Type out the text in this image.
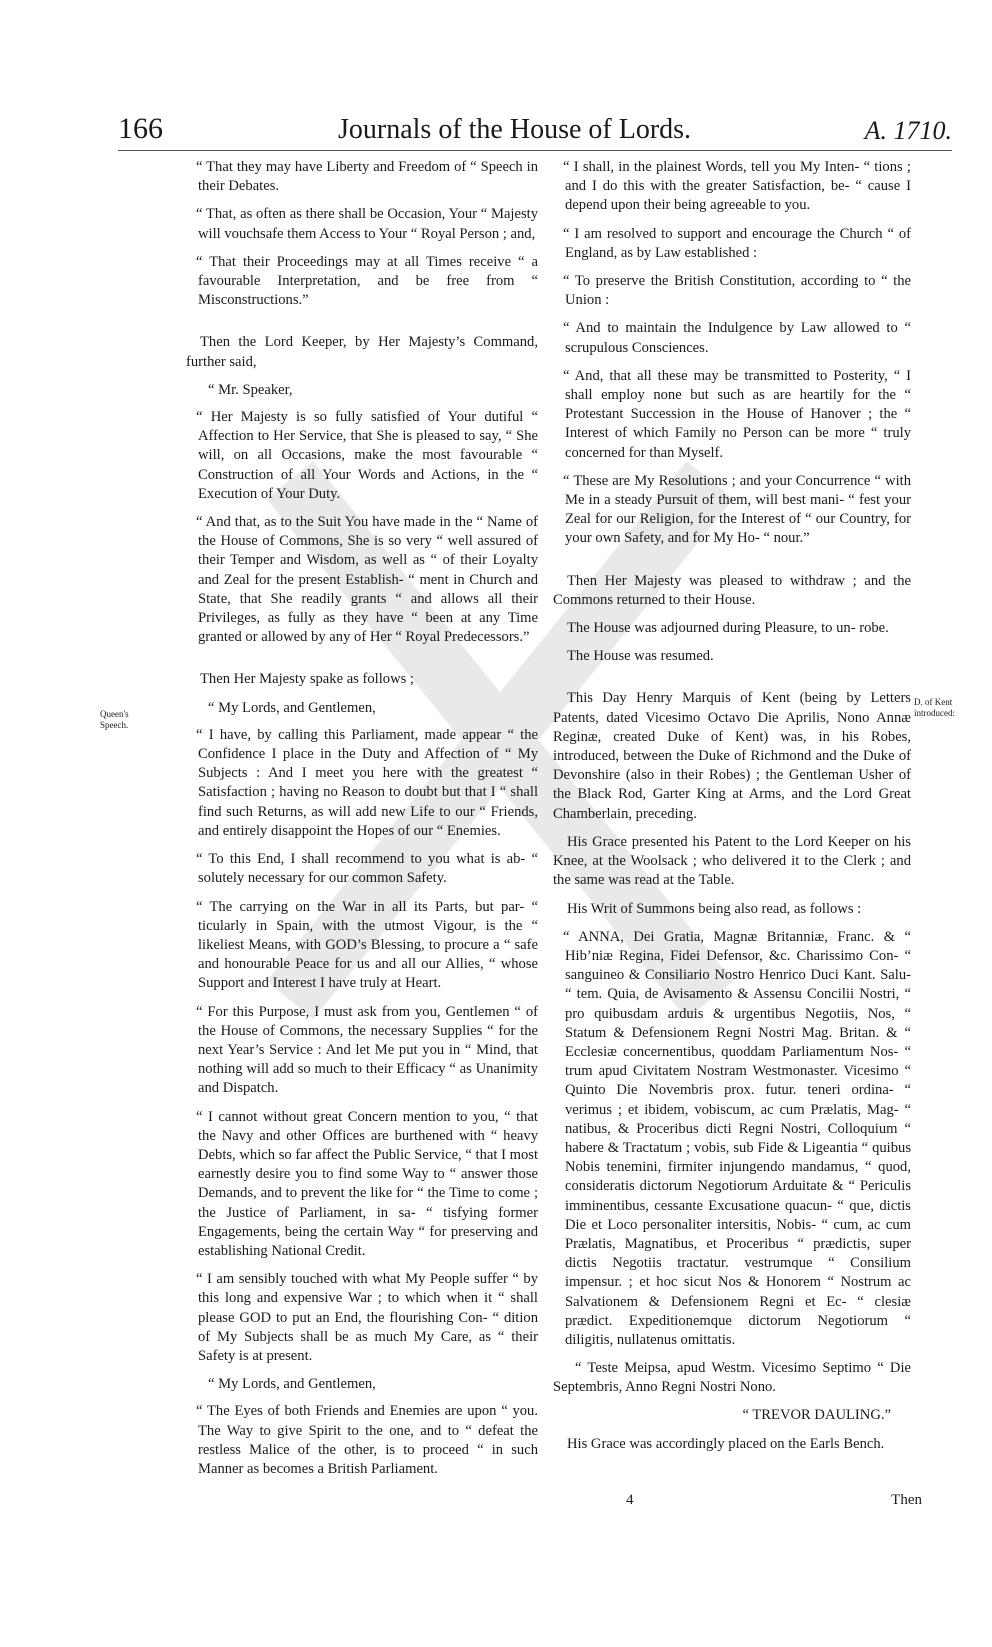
166	Journals of the House of Lords.	A. 1710.
Queen's Speech.
D. of Kent introduced:

“ That they may have Liberty and Freedom of “ Speech in their Debates.

“ That, as often as there shall be Occasion, Your “ Majesty will vouchsafe them Access to Your “ Royal Person ; and,

“ That their Proceedings may at all Times receive “ a favourable Interpretation, and be free from “ Misconstructions.”

Then the Lord Keeper, by Her Majesty’s Command, further said,

“ Mr. Speaker,

“ Her Majesty is so fully satisfied of Your dutiful “ Affection to Her Service, that She is pleased to say, “ She will, on all Occasions, make the most favourable “ Construction of all Your Words and Actions, in the “ Execution of Your Duty.

“ And that, as to the Suit You have made in the “ Name of the House of Commons, She is so very “ well assured of their Temper and Wisdom, as well as “ of their Loyalty and Zeal for the present Establish- “ ment in Church and State, that She readily grants “ and allows all their Privileges, as fully as they have “ been at any Time granted or allowed by any of Her “ Royal Predecessors.”

Then Her Majesty spake as follows ;

“ My Lords, and Gentlemen,

“ I have, by calling this Parliament, made appear “ the Confidence I place in the Duty and Affection of “ My Subjects : And I meet you here with the greatest “ Satisfaction ; having no Reason to doubt but that I “ shall find such Returns, as will add new Life to our “ Friends, and entirely disappoint the Hopes of our “ Enemies.

“ To this End, I shall recommend to you what is ab- “ solutely necessary for our common Safety.

“ The carrying on the War in all its Parts, but par- “ ticularly in Spain, with the utmost Vigour, is the “ likeliest Means, with GOD’s Blessing, to procure a “ safe and honourable Peace for us and all our Allies, “ whose Support and Interest I have truly at Heart.

“ For this Purpose, I must ask from you, Gentlemen “ of the House of Commons, the necessary Supplies “ for the next Year’s Service : And let Me put you in “ Mind, that nothing will add so much to their Efficacy “ as Unanimity and Dispatch.

“ I cannot without great Concern mention to you, “ that the Navy and other Offices are burthened with “ heavy Debts, which so far affect the Public Service, “ that I most earnestly desire you to find some Way to “ answer those Demands, and to prevent the like for “ the Time to come ; the Justice of Parliament, in sa- “ tisfying former Engagements, being the certain Way “ for preserving and establishing National Credit.

“ I am sensibly touched with what My People suffer “ by this long and expensive War ; to which when it “ shall please GOD to put an End, the flourishing Con- “ dition of My Subjects shall be as much My Care, as “ their Safety is at present.

“ My Lords, and Gentlemen,

“ The Eyes of both Friends and Enemies are upon “ you. The Way to give Spirit to the one, and to “ defeat the restless Malice of the other, is to proceed “ in such Manner as becomes a British Parliament.

“ I shall, in the plainest Words, tell you My Inten- “ tions ; and I do this with the greater Satisfaction, be- “ cause I depend upon their being agreeable to you.

“ I am resolved to support and encourage the Church “ of England, as by Law established :

“ To preserve the British Constitution, according to “ the Union :

“ And to maintain the Indulgence by Law allowed to “ scrupulous Consciences.

“ And, that all these may be transmitted to Posterity, “ I shall employ none but such as are heartily for the “ Protestant Succession in the House of Hanover ; the “ Interest of which Family no Person can be more “ truly concerned for than Myself.

“ These are My Resolutions ; and your Concurrence “ with Me in a steady Pursuit of them, will best mani- “ fest your Zeal for our Religion, for the Interest of “ our Country, for your own Safety, and for My Ho- “ nour.”

Then Her Majesty was pleased to withdraw ; and the Commons returned to their House.

The House was adjourned during Pleasure, to un- robe.

The House was resumed.

This Day Henry Marquis of Kent (being by Letters Patents, dated Vicesimo Octavo Die Aprilis, Nono Annæ Reginæ, created Duke of Kent) was, in his Robes, introduced, between the Duke of Richmond and the Duke of Devonshire (also in their Robes) ; the Gentleman Usher of the Black Rod, Garter King at Arms, and the Lord Great Chamberlain, preceding.

His Grace presented his Patent to the Lord Keeper on his Knee, at the Woolsack ; who delivered it to the Clerk ; and the same was read at the Table.

His Writ of Summons being also read, as follows :

“ ANNA, Dei Gratia, Magnæ Britanniæ, Franc. & “ Hib’niæ Regina, Fidei Defensor, &c. Charissimo Con- “ sanguineo & Consiliario Nostro Henrico Duci Kant. Salu- “ tem. Quia, de Avisamento & Assensu Concilii Nostri, “ pro quibusdam arduis & urgentibus Negotiis, Nos, “ Statum & Defensionem Regni Nostri Mag. Britan. & “ Ecclesiæ concernentibus, quoddam Parliamentum Nos- “ trum apud Civitatem Nostram Westmonaster. Vicesimo “ Quinto Die Novembris prox. futur. teneri ordina- “ verimus ; et ibidem, vobiscum, ac cum Prælatis, Mag- “ natibus, & Proceribus dicti Regni Nostri, Colloquium “ habere & Tractatum ; vobis, sub Fide & Ligeantia “ quibus Nobis tenemini, firmiter injungendo mandamus, “ quod, consideratis dictorum Negotiorum Arduitate & “ Periculis imminentibus, cessante Excusatione quacun- “ que, dictis Die et Loco personaliter intersitis, Nobis- “ cum, ac cum Prælatis, Magnatibus, et Proceribus “ prædictis, super dictis Negotiis tractatur. vestrumque “ Consilium impensur. ; et hoc sicut Nos & Honorem “ Nostrum ac Salvationem & Defensionem Regni et Ec- “ clesiæ prædict. Expeditionemque dictorum Negotiorum “ diligitis, nullatenus omittatis.

“ Teste Meipsa, apud Westm. Vicesimo Septimo “ Die Septembris, Anno Regni Nostri Nono.

“ TREVOR DAULING.”

His Grace was accordingly placed on the Earls Bench.

4	Then
